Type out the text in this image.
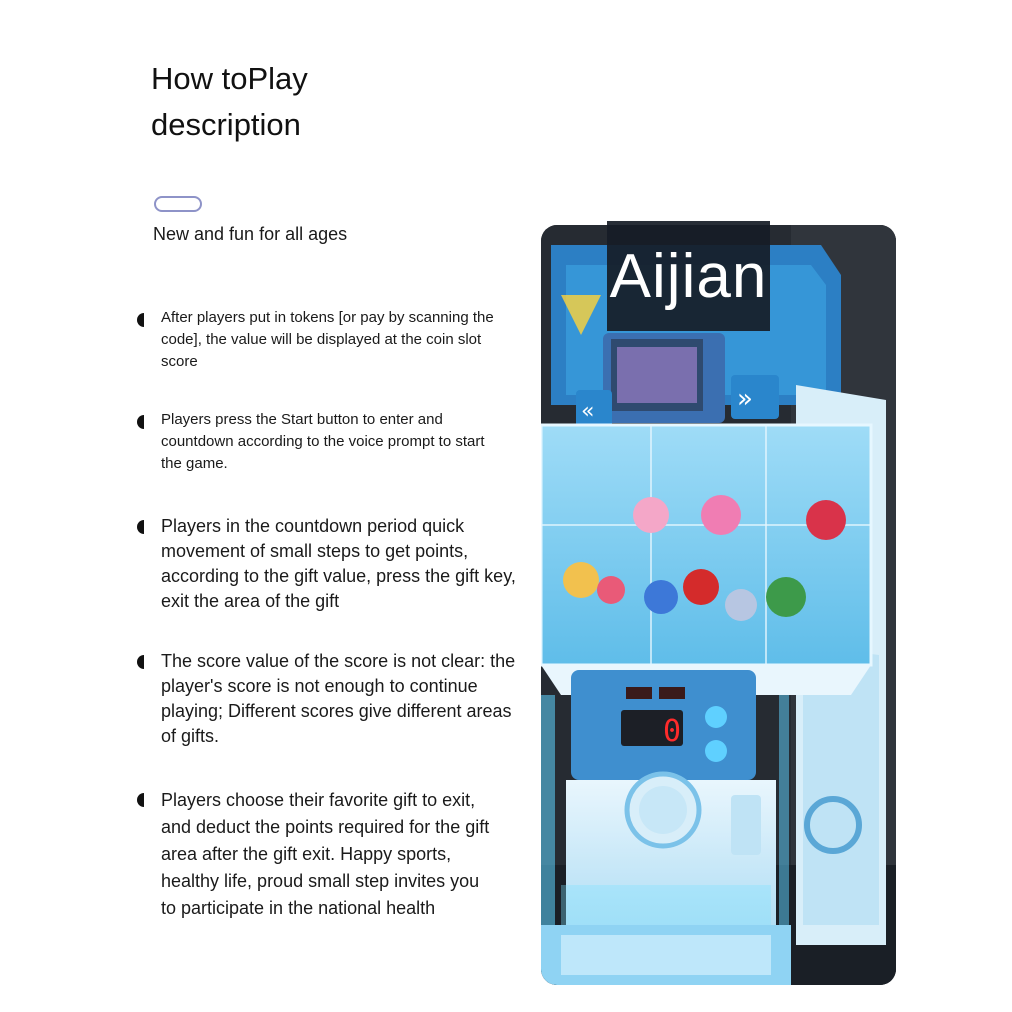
How toPlay
description
New and fun for all ages

After players put in tokens [or pay by scanning the
code], the value will be displayed at the coin slot
score

Players press the Start button to enter and
countdown according to the voice prompt to start
the game.

Players in the countdown period quick
movement of small steps to get points,
according to the gift value, press the gift key,
exit the area of the gift

The score value of the score is not clear: the
player's score is not enough to continue
playing; Different scores give different areas
of gifts.

Players choose their favorite gift to exit,
and deduct the points required for the gift
area after the gift exit. Happy sports,
healthy life, proud small step invites you
to participate in the national health

«	»
0
Aijian
